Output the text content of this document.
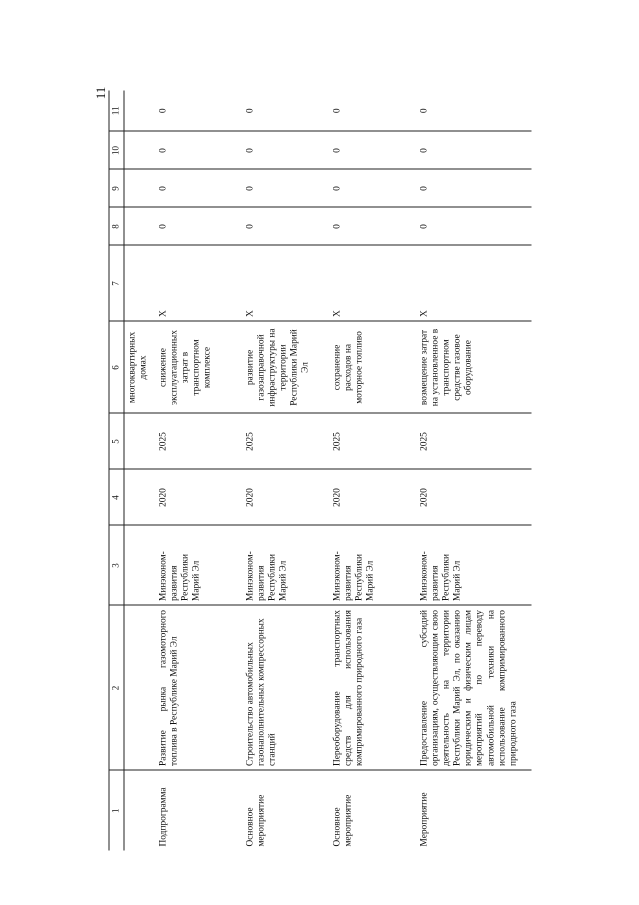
11
1	2	3	4	5	6	7	8	9	10	11
					многоквартирных домах					
Подпрограмма	Развитие рынка газомоторного топлива в Республике Марий Эл	Минэконом-развития Республики Марий Эл	2020	2025	снижение эксплуатационных затрат в транспортном комплексе	Х	0	0	0	0
Основное мероприятие	Строительство автомобильных газонаполнительных компрессорных станций	Минэконом-развития Республики Марий Эл	2020	2025	развитие газозаправочной инфраструктуры на территории Республики Марий Эл	Х	0	0	0	0
Основное мероприятие	Переоборудование транспортных средств для использования компримированного природного газа	Минэконом-развития Республики Марий Эл	2020	2025	сохранение расходов на моторное топливо	Х	0	0	0	0
Мероприятие	Предоставление субсидий организациям, осуществляющим свою деятельность на территории Республики Марий Эл, по оказанию юридическим и физическим лицам мероприятий по переводу автомобильной техники на использование компримированного природного газа	Минэконом-развития Республики Марий Эл	2020	2025	возмещение затрат на установленное в транспортном средстве газовое оборудование	Х	0	0	0	0
